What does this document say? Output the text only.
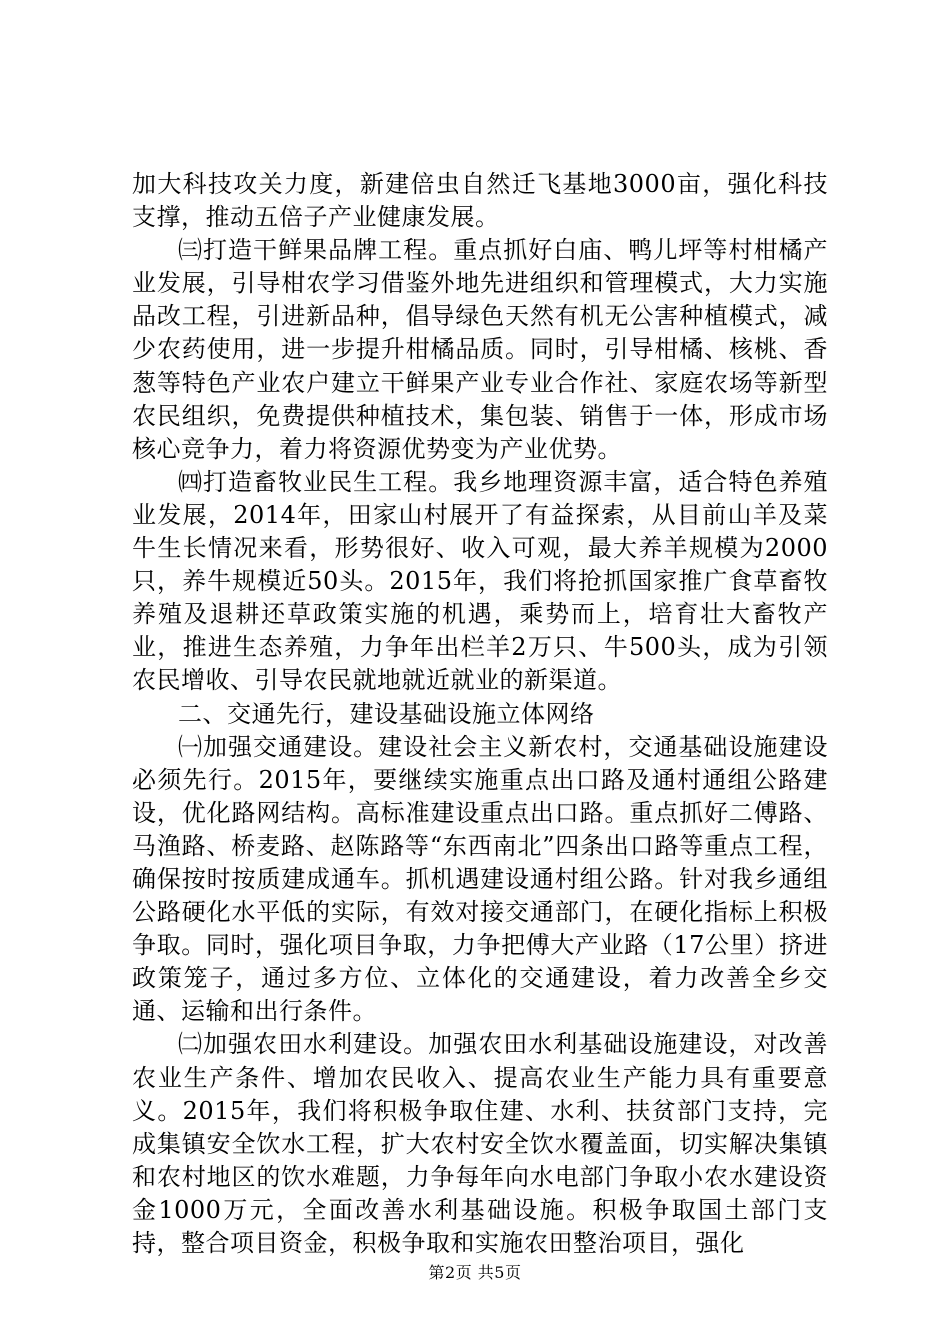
加大科技攻关力度，新建倍虫自然迁飞基地3000亩，强化科技支撑，推动五倍子产业健康发展。

㈢打造干鲜果品牌工程。重点抓好白庙、鸭儿坪等村柑橘产业发展，引导柑农学习借鉴外地先进组织和管理模式，大力实施品改工程，引进新品种，倡导绿色天然有机无公害种植模式，减少农药使用，进一步提升柑橘品质。同时，引导柑橘、核桃、香葱等特色产业农户建立干鲜果产业专业合作社、家庭农场等新型农民组织，免费提供种植技术，集包装、销售于一体，形成市场核心竞争力，着力将资源优势变为产业优势。

㈣打造畜牧业民生工程。我乡地理资源丰富，适合特色养殖业发展，2014年，田家山村展开了有益探索，从目前山羊及菜牛生长情况来看，形势很好、收入可观，最大养羊规模为2000只，养牛规模近50头。2015年，我们将抢抓国家推广食草畜牧养殖及退耕还草政策实施的机遇，乘势而上，培育壮大畜牧产业，推进生态养殖，力争年出栏羊2万只、牛500头，成为引领农民增收、引导农民就地就近就业的新渠道。

二、交通先行，建设基础设施立体网络

㈠加强交通建设。建设社会主义新农村，交通基础设施建设必须先行。2015年，要继续实施重点出口路及通村通组公路建设，优化路网结构。高标准建设重点出口路。重点抓好二傅路、马渔路、桥麦路、赵陈路等“东西南北”四条出口路等重点工程，确保按时按质建成通车。抓机遇建设通村组公路。针对我乡通组公路硬化水平低的实际，有效对接交通部门，在硬化指标上积极争取。同时，强化项目争取，力争把傅大产业路（17公里）挤进政策笼子，通过多方位、立体化的交通建设，着力改善全乡交通、运输和出行条件。

㈡加强农田水利建设。加强农田水利基础设施建设，对改善农业生产条件、增加农民收入、提高农业生产能力具有重要意义。2015年，我们将积极争取住建、水利、扶贫部门支持，完成集镇安全饮水工程，扩大农村安全饮水覆盖面，切实解决集镇和农村地区的饮水难题，力争每年向水电部门争取小农水建设资金1000万元，全面改善水利基础设施。积极争取国土部门支持，整合项目资金，积极争取和实施农田整治项目，强化

第2页 共5页
